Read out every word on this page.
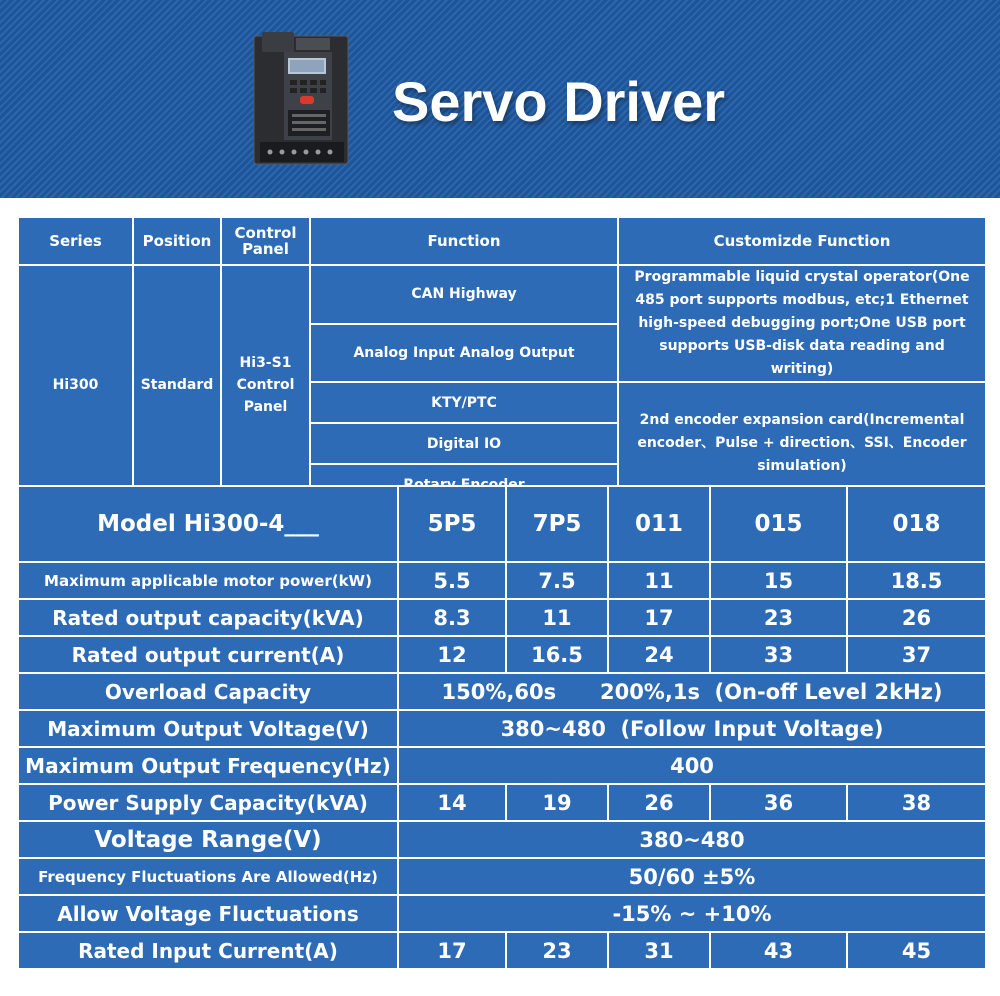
Servo Driver
Series	Position	Control Panel	Function	Customizde Function
Hi300	Standard	Hi3-S1 Control Panel	CAN Highway	Programmable liquid crystal operator(One 485 port supports modbus, etc;1 Ethernet high-speed debugging port;One USB port supports USB-disk data reading and writing)
			Analog Input Analog Output	
			KTY/PTC	2nd encoder expansion card(Incremental encoder、Pulse + direction、SSI、Encoder simulation)
			Digital IO	

Model Hi300-4___	5P5	7P5	011	015	018
Maximum applicable motor power(kW)	5.5	7.5	11	15	18.5
Rated output capacity(kVA)	8.3	11	17	23	26
Rated output current(A)	12	16.5	24	33	37
Overload Capacity	150%,60s      200%,1s  (On-off Level 2kHz)				
Maximum Output Voltage(V)	380~480  (Follow Input Voltage)				
Maximum Output Frequency(Hz)	400				
Power Supply Capacity(kVA)	14	19	26	36	38
Voltage Range(V)	380~480				
Frequency Fluctuations Are Allowed(Hz)	50/60 ±5%				
Allow Voltage Fluctuations	-15% ~ +10%				
Rated Input Current(A)	17	23	31	43	45
